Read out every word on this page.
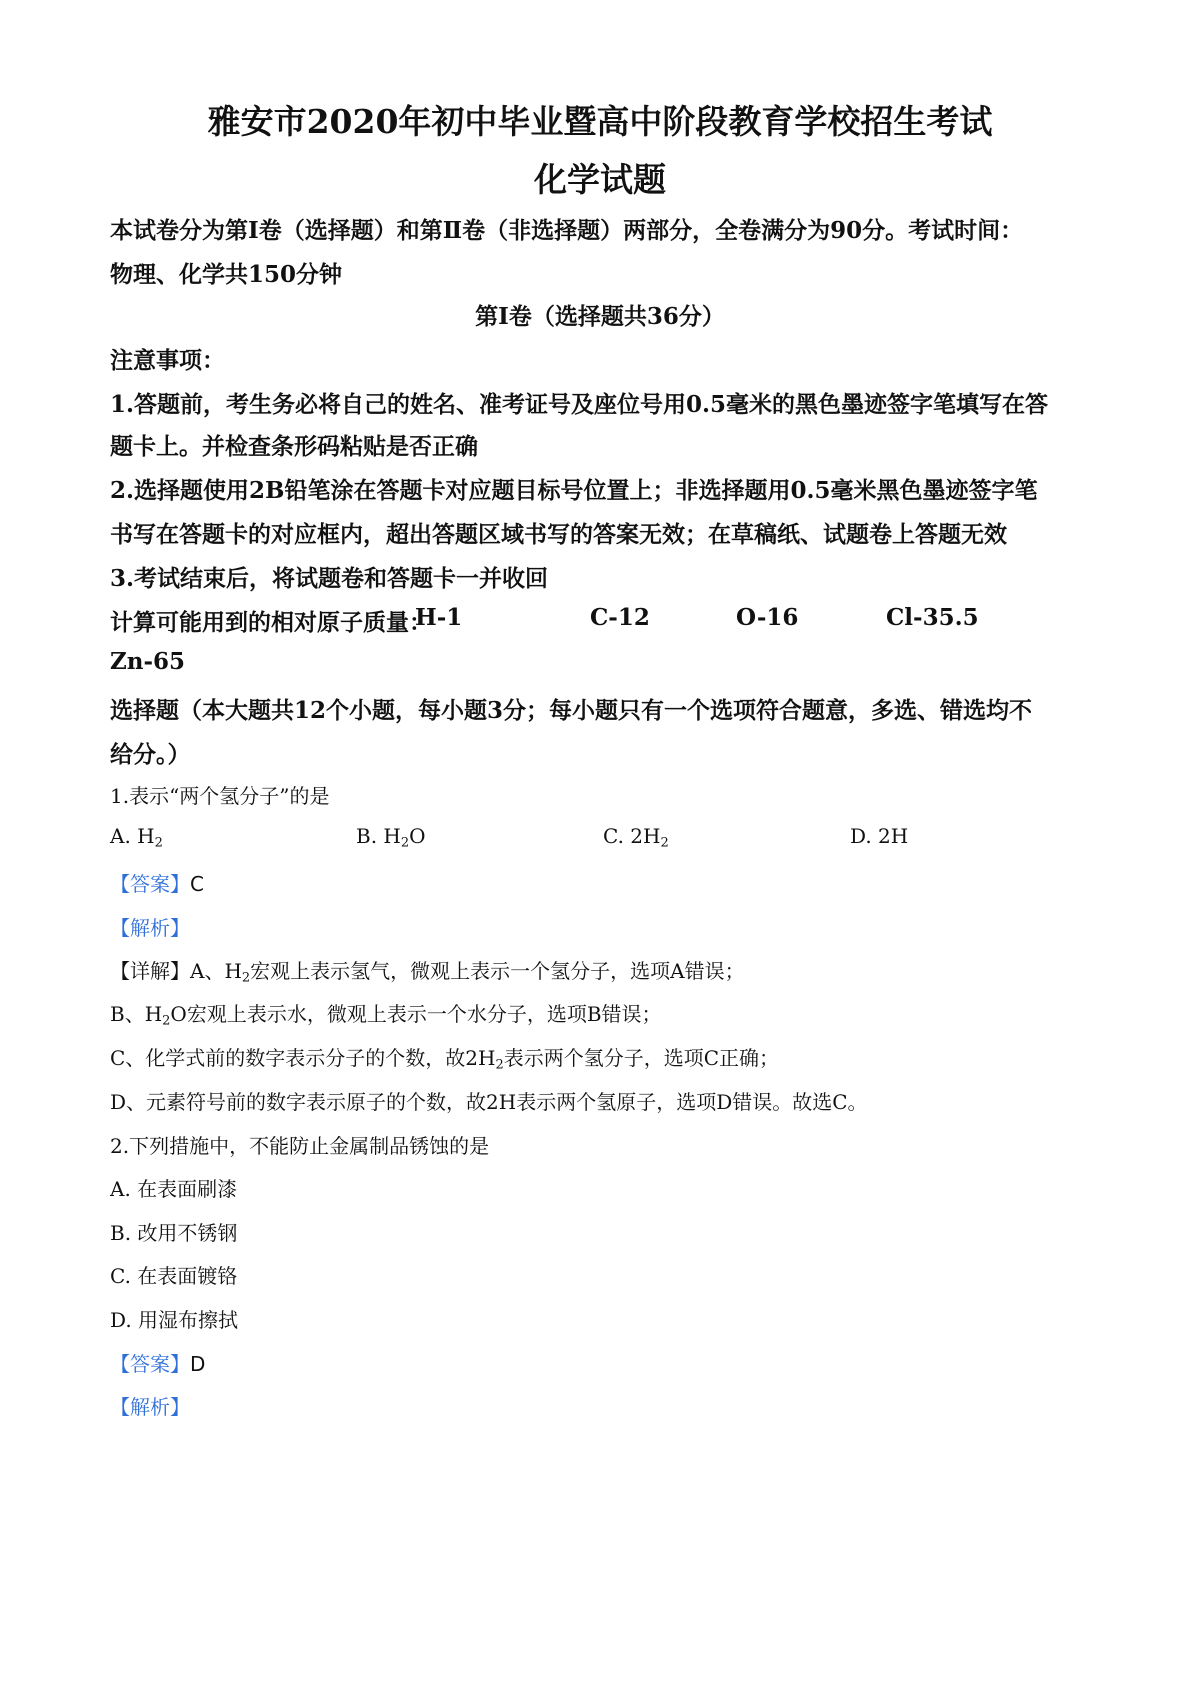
雅安市2020年初中毕业暨高中阶段教育学校招生考试
化学试题
本试卷分为第Ⅰ卷（选择题）和第Ⅱ卷（非选择题）两部分，全卷满分为90分。考试时间：
物理、化学共150分钟
第Ⅰ卷（选择题共36分）
注意事项：
1.答题前，考生务必将自己的姓名、准考证号及座位号用0.5毫米的黑色墨迹签字笔填写在答
题卡上。并检查条形码粘贴是否正确
2.选择题使用2B铅笔涂在答题卡对应题目标号位置上；非选择题用0.5毫米黑色墨迹签字笔
书写在答题卡的对应框内，超出答题区域书写的答案无效；在草稿纸、试题卷上答题无效
3.考试结束后，将试题卷和答题卡一并收回
计算可能用到的相对原子质量：
H-1	C-12	O-16	Cl-35.5
Zn-65
选择题（本大题共12个小题，每小题3分；每小题只有一个选项符合题意，多选、错选均不
给分。）
1.表示“两个氢分子”的是
A. $H_2$	B. $H_2O$	C. $2H_2$	D. 2H
【答案】C
【解析】
【详解】A、$H_2$宏观上表示氢气，微观上表示一个氢分子，选项A错误；
B、$H_2O$宏观上表示水，微观上表示一个水分子，选项B错误；
C、化学式前的数字表示分子的个数，故$2H_2$表示两个氢分子，选项C正确；
D、元素符号前的数字表示原子的个数，故2H表示两个氢原子，选项D错误。故选C。
2.下列措施中，不能防止金属制品锈蚀的是
A. 在表面刷漆
B. 改用不锈钢
C. 在表面镀铬
D. 用湿布擦拭
【答案】D
【解析】
